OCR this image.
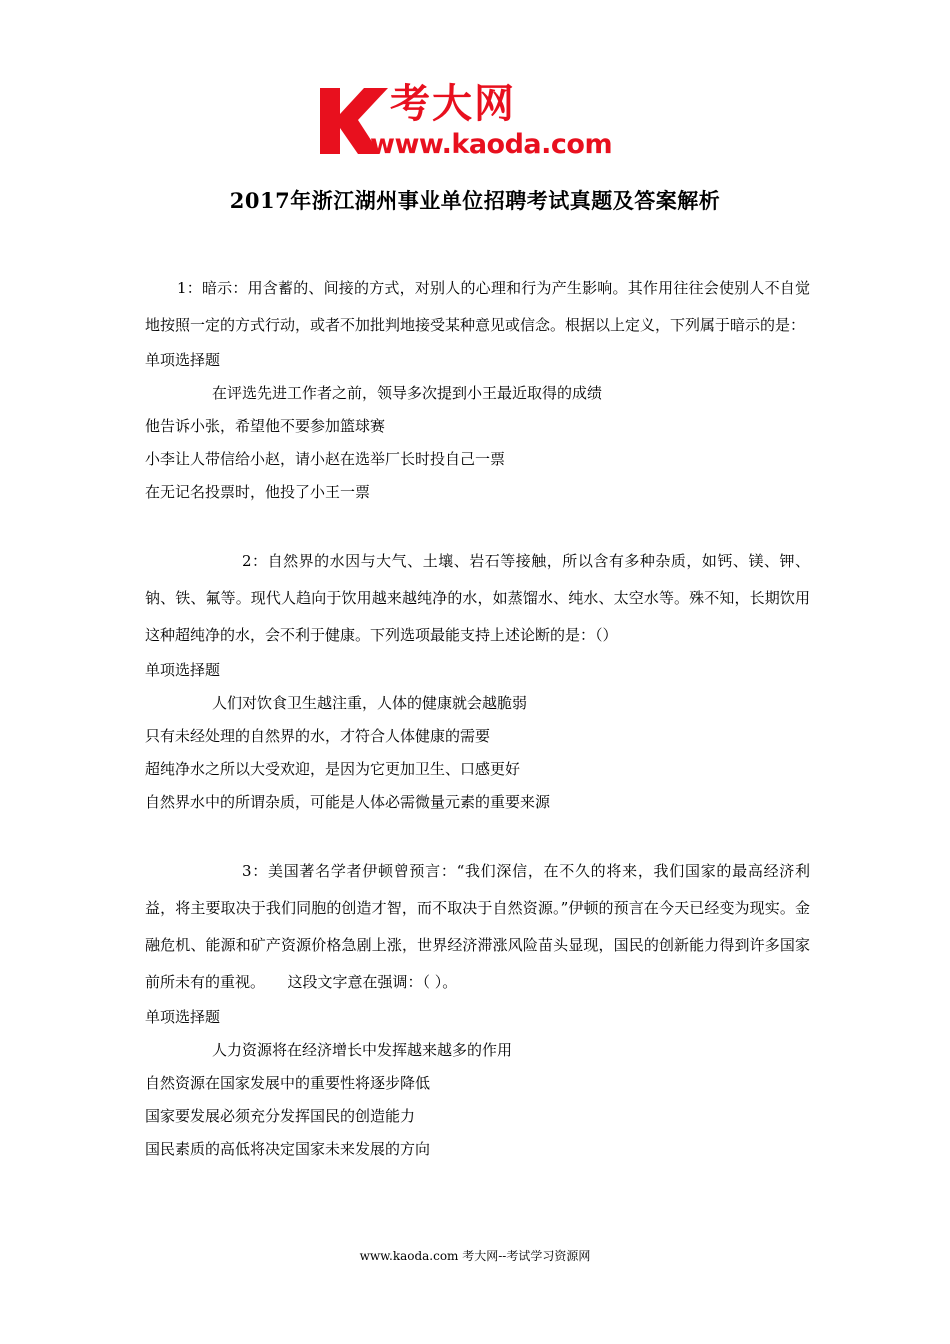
考大网
www.kaoda.com
2017年浙江湖州事业单位招聘考试真题及答案解析

1：暗示：用含蓄的、间接的方式，对别人的心理和行为产生影响。其作用往往会使别人不自觉地按照一定的方式行动，或者不加批判地接受某种意见或信念。根据以上定义，下列属于暗示的是：

单项选择题

在评选先进工作者之前，领导多次提到小王最近取得的成绩

他告诉小张，希望他不要参加篮球赛

小李让人带信给小赵，请小赵在选举厂长时投自己一票

在无记名投票时，他投了小王一票

2：自然界的水因与大气、土壤、岩石等接触，所以含有多种杂质，如钙、镁、钾、钠、铁、氟等。现代人趋向于饮用越来越纯净的水，如蒸馏水、纯水、太空水等。殊不知，长期饮用这种超纯净的水，会不利于健康。下列选项最能支持上述论断的是：（）

单项选择题

人们对饮食卫生越注重，人体的健康就会越脆弱

只有未经处理的自然界的水，才符合人体健康的需要

超纯净水之所以大受欢迎，是因为它更加卫生、口感更好

自然界水中的所谓杂质，可能是人体必需微量元素的重要来源

3：美国著名学者伊顿曾预言：“我们深信，在不久的将来，我们国家的最高经济利益，将主要取决于我们同胞的创造才智，而不取决于自然资源。”伊顿的预言在今天已经变为现实。金融危机、能源和矿产资源价格急剧上涨，世界经济滞涨风险苗头显现，国民的创新能力得到许多国家前所未有的重视。　　这段文字意在强调：（ ）。

单项选择题

人力资源将在经济增长中发挥越来越多的作用

自然资源在国家发展中的重要性将逐步降低

国家要发展必须充分发挥国民的创造能力

国民素质的高低将决定国家未来发展的方向

www.kaoda.com 考大网--考试学习资源网
